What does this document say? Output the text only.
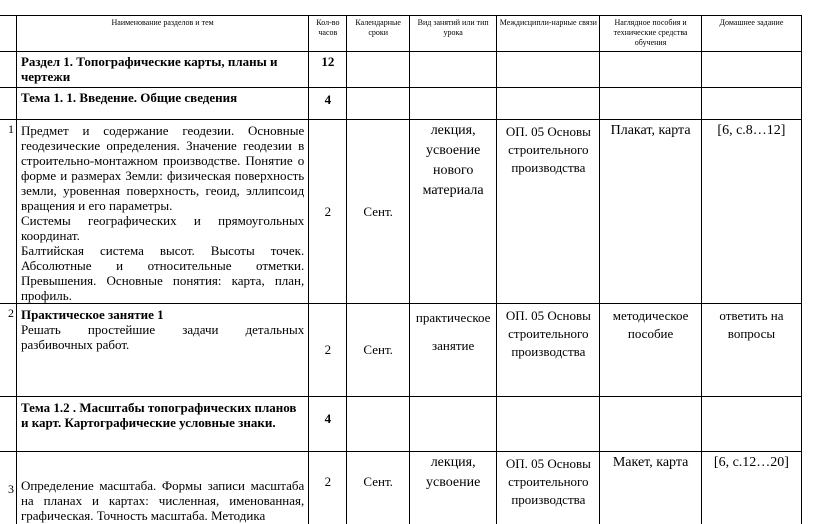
	Наименование разделов и тем	Кол-во часов	Календарные сроки	Вид занятий или тип урока	Междисципли-нарные связи	Наглядное пособия и технические средства обучения	Домашнее задание
	Раздел 1. Топографические карты, планы и чертежи	12					
	Тема 1. 1. Введение. Общие сведения	4					
1	Предмет и содержание геодезии. Основные геодезические определения. Значение геодезии в строительно-монтажном производстве. Понятие о форме и размерах Земли: физическая поверхность земли, уровенная поверхность, геоид, эллипсоид вращения и его параметры.

Системы географических и прямоугольных координат.

Балтийская система высот. Высоты точек. Абсолютные и относительные отметки. Превышения. Основные понятия: карта, план, профиль.	2	Сент.	лекция, усвоение нового материала	ОП. 05 Основы строительного производства	Плакат, карта	[6, с.8…12]
2	Практическое занятие 1
Решать простейшие задачи детальных разбивочных работ.	2	Сент.	практическое занятие	ОП. 05 Основы строительного производства	методическое пособие	ответить на вопросы
	Тема 1.2 . Масштабы топографических планов и карт. Картографические условные знаки.	4					
3	Определение масштаба. Формы записи масштаба на планах и картах: численная, именованная, графическая. Точность масштаба. Методика	2	Сент.	лекция, усвоение	ОП. 05 Основы строительного производства	Макет, карта	[6, с.12…20]
